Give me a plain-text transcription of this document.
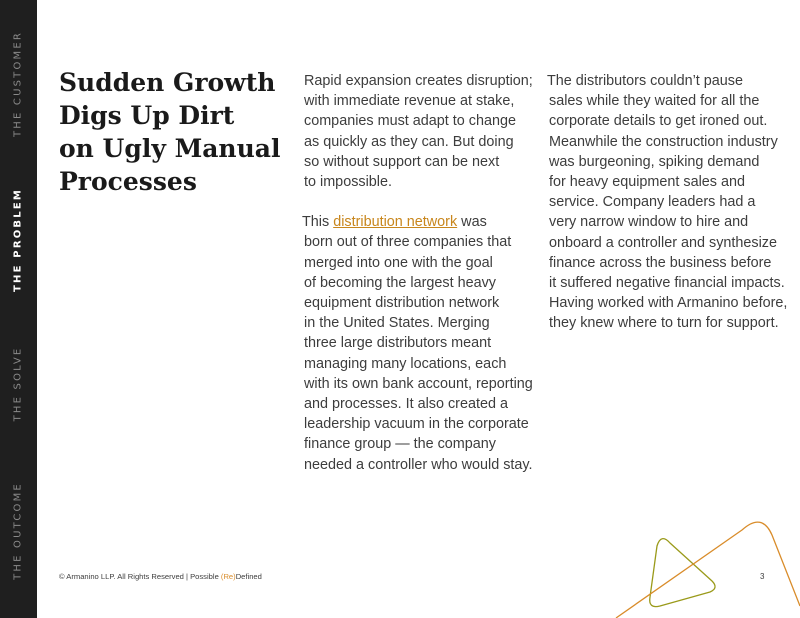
THE CUSTOMER
THE PROBLEM
THE SOLVE
THE OUTCOME
Sudden Growth
Digs Up Dirt
on Ugly Manual
Processes

Rapid expansion creates disruption;
with immediate revenue at stake,
companies must adapt to change
as quickly as they can. But doing
so without support can be next
to impossible.

This distribution network was

born out of three companies that
merged into one with the goal
of becoming the largest heavy
equipment distribution network
in the United States. Merging
three large distributors meant
managing many locations, each
with its own bank account, reporting
and processes. It also created a
leadership vacuum in the corporate
finance group — the company
needed a controller who would stay.

The distributors couldn’t pause
sales while they waited for all the
corporate details to get ironed out.
Meanwhile the construction industry
was burgeoning, spiking demand
for heavy equipment sales and
service. Company leaders had a
very narrow window to hire and
onboard a controller and synthesize
finance across the business before
it suffered negative financial impacts.
Having worked with Armanino before,
they knew where to turn for support.

© Armanino LLP. All Rights Reserved | Possible (Re)Defined	3
